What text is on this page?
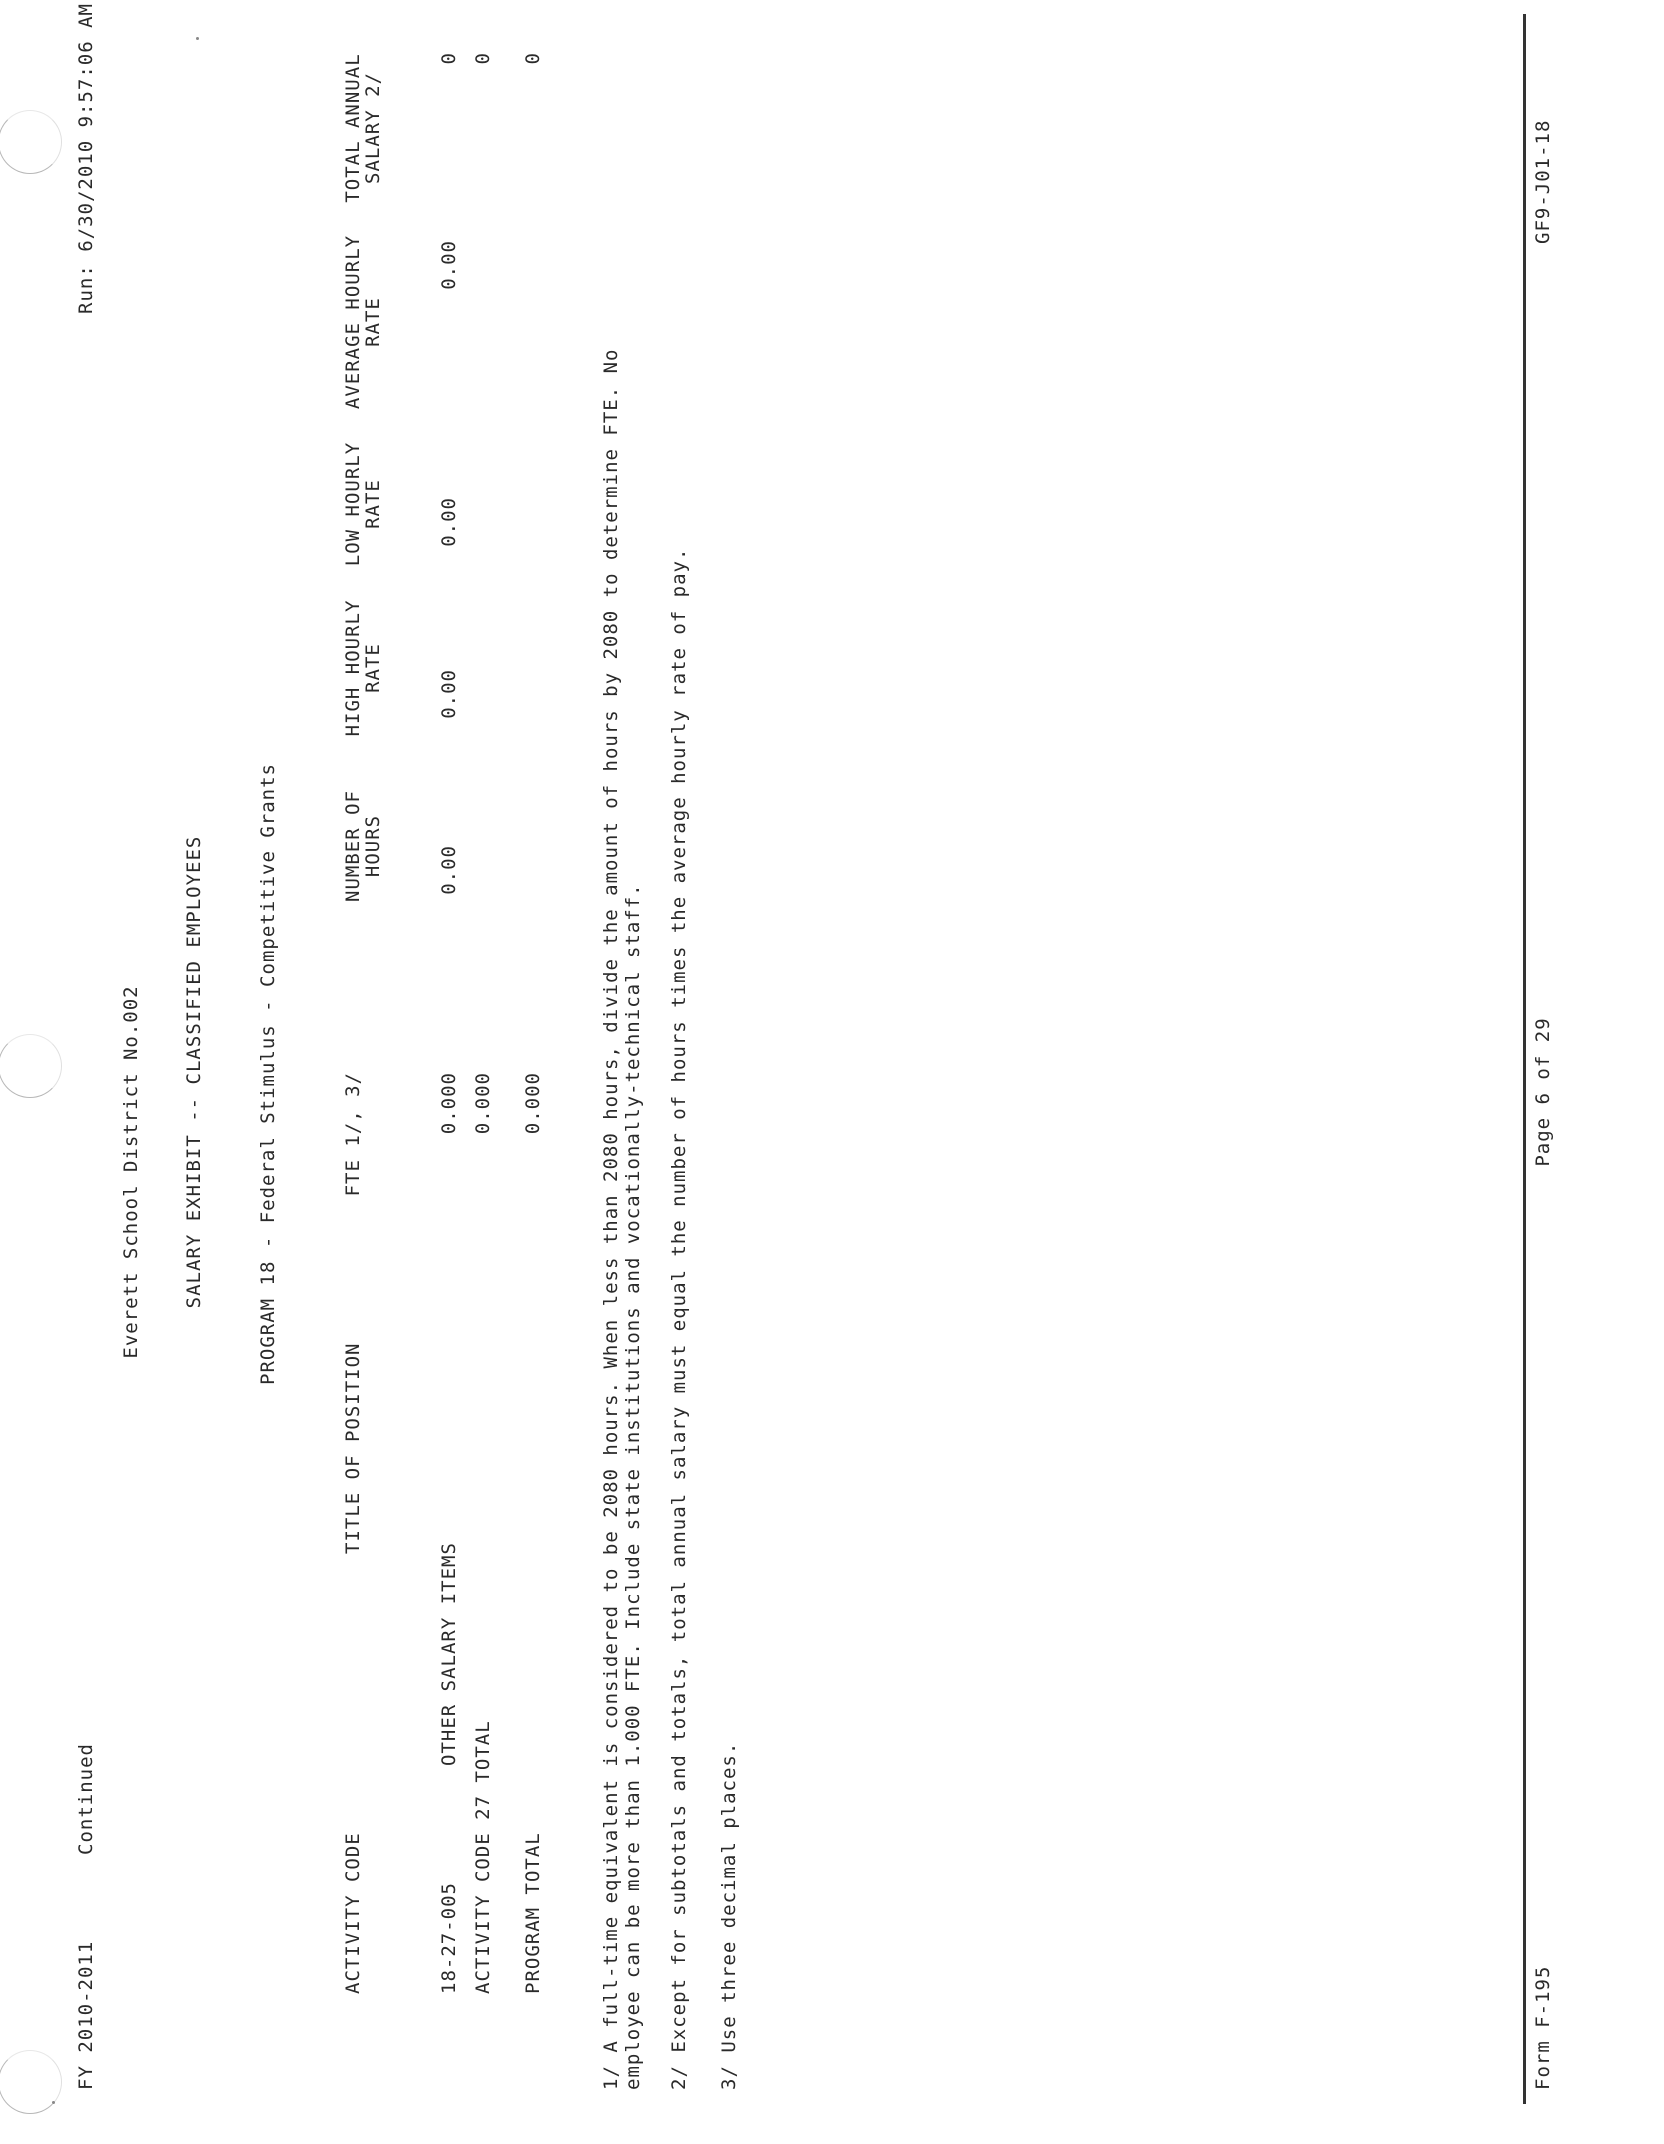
FY 2010-2011
Continued
Run: 6/30/2010 9:57:06 AM
Everett School District No.002 SALARY EXHIBIT -- CLASSIFIED EMPLOYEES	PROGRAM 18 - Federal Stimulus - Competitive Grants
ACTIVITY CODE
TITLE OF POSITION
FTE 1/, 3/
NUMBER OF
HOURS
HIGH HOURLY
RATE
LOW HOURLY
RATE
AVERAGE HOURLY
RATE
TOTAL ANNUAL
SALARY 2/
18-27-005
OTHER SALARY ITEMS
0.000
0.00
0.00
0.00
0.00
0
ACTIVITY CODE 27 TOTAL
0.000
0
PROGRAM TOTAL
0.000
0
1/ A full-time equivalent is considered to be 2080 hours. When less than 2080 hours, divide the amount of hours by 2080 to determine FTE. No employee can be more than 1.000 FTE. Include state institutions and vocationally-technical staff. 2/ Except for subtotals and totals, total annual salary must equal the number of hours times the average hourly rate of pay. 3/ Use three decimal places.	Form F-195
Page 6 of 29
GF9-J01-18
